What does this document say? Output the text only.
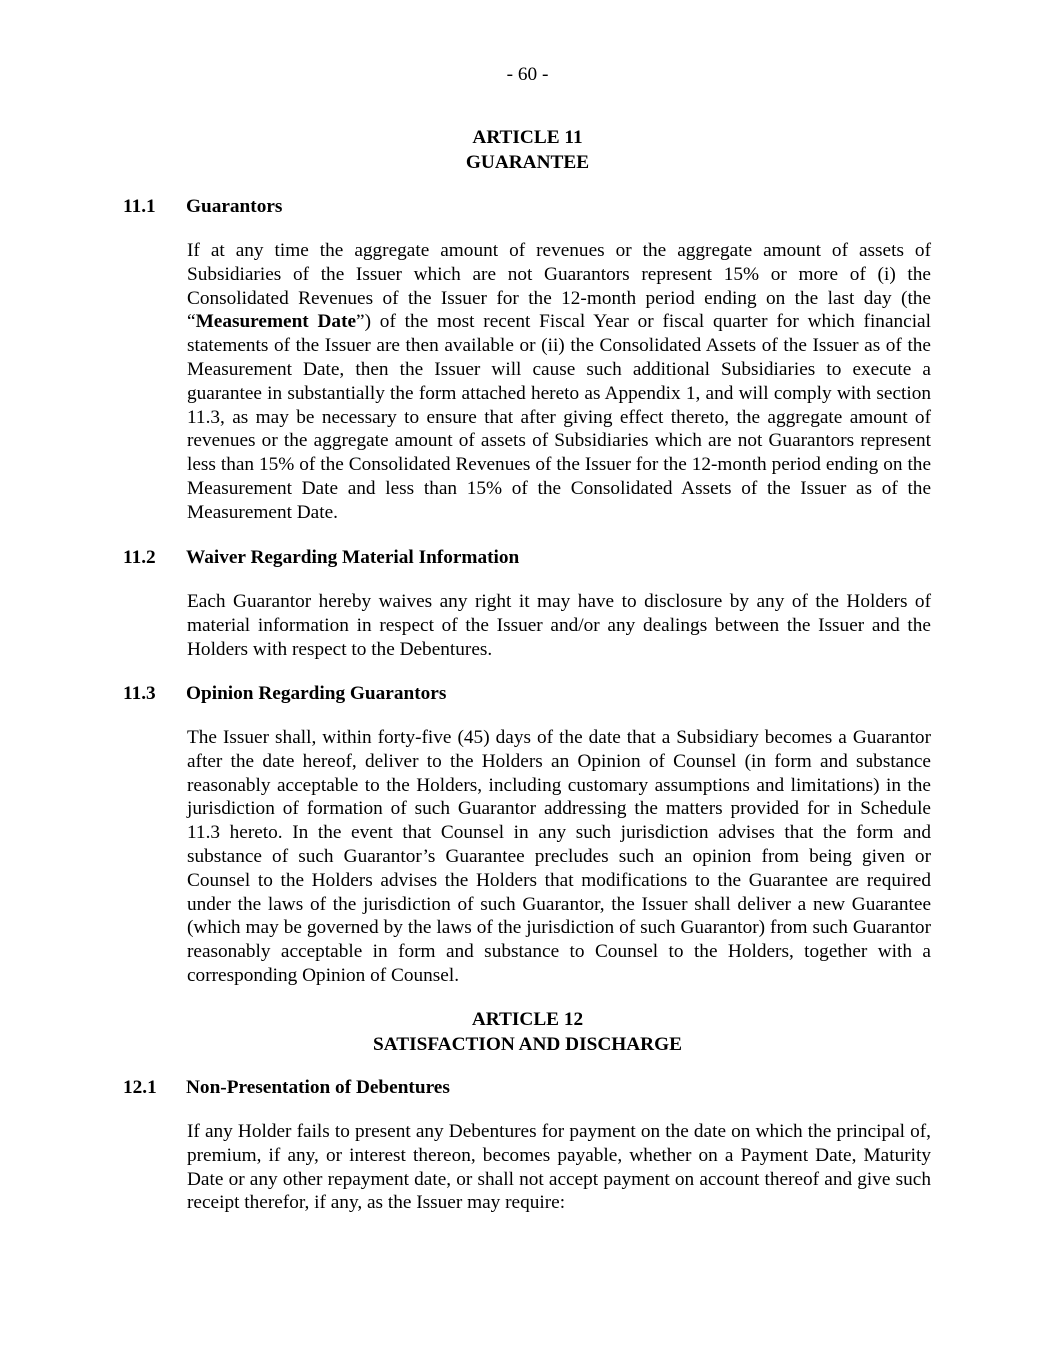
- 60 -
ARTICLE 11
GUARANTEE
11.1 Guarantors

If at any time the aggregate amount of revenues or the aggregate amount of assets of Subsidiaries of the Issuer which are not Guarantors represent 15% or more of (i) the Consolidated Revenues of the Issuer for the 12-month period ending on the last day (the “Measurement Date”) of the most recent Fiscal Year or fiscal quarter for which financial statements of the Issuer are then available or (ii) the Consolidated Assets of the Issuer as of the Measurement Date, then the Issuer will cause such additional Subsidiaries to execute a guarantee in substantially the form attached hereto as Appendix 1, and will comply with section 11.3, as may be necessary to ensure that after giving effect thereto, the aggregate amount of revenues or the aggregate amount of assets of Subsidiaries which are not Guarantors represent less than 15% of the Consolidated Revenues of the Issuer for the 12-month period ending on the Measurement Date and less than 15% of the Consolidated Assets of the Issuer as of the Measurement Date.

11.2 Waiver Regarding Material Information

Each Guarantor hereby waives any right it may have to disclosure by any of the Holders of material information in respect of the Issuer and/or any dealings between the Issuer and the Holders with respect to the Debentures.

11.3 Opinion Regarding Guarantors

The Issuer shall, within forty-five (45) days of the date that a Subsidiary becomes a Guarantor after the date hereof, deliver to the Holders an Opinion of Counsel (in form and substance reasonably acceptable to the Holders, including customary assumptions and limitations) in the jurisdiction of formation of such Guarantor addressing the matters provided for in Schedule 11.3 hereto. In the event that Counsel in any such jurisdiction advises that the form and substance of such Guarantor’s Guarantee precludes such an opinion from being given or Counsel to the Holders advises the Holders that modifications to the Guarantee are required under the laws of the jurisdiction of such Guarantor, the Issuer shall deliver a new Guarantee (which may be governed by the laws of the jurisdiction of such Guarantor) from such Guarantor reasonably acceptable in form and substance to Counsel to the Holders, together with a corresponding Opinion of Counsel.

ARTICLE 12
SATISFACTION AND DISCHARGE
12.1 Non-Presentation of Debentures

If any Holder fails to present any Debentures for payment on the date on which the principal of, premium, if any, or interest thereon, becomes payable, whether on a Payment Date, Maturity Date or any other repayment date, or shall not accept payment on account thereof and give such receipt therefor, if any, as the Issuer may require:
